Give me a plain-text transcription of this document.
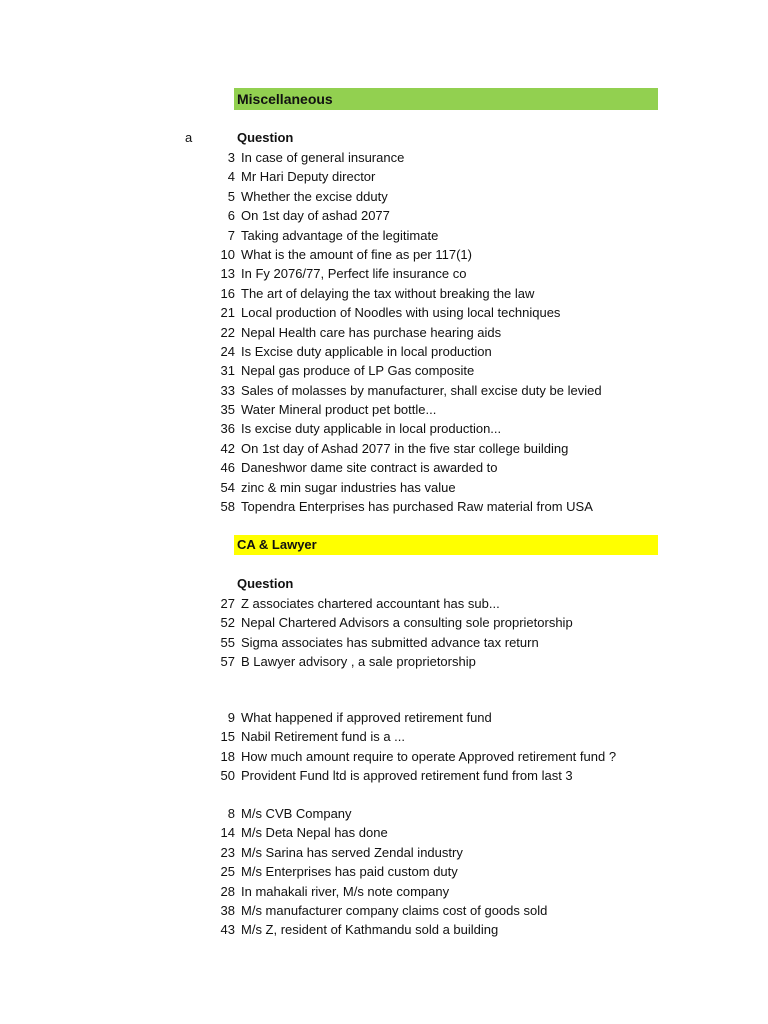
Miscellaneous
a	Question
3 In case of general insurance
4 Mr Hari Deputy director
5 Whether the excise dduty
6 On 1st day of ashad 2077
7 Taking advantage of the legitimate
10 What is the amount of fine as per 117(1)
13 In Fy 2076/77, Perfect life insurance co
16 The art of delaying the tax without breaking the law
21 Local production of Noodles with using local techniques
22 Nepal Health care has purchase hearing aids
24 Is Excise duty applicable in local production
31 Nepal gas produce of LP Gas composite
33 Sales of molasses by manufacturer, shall excise duty be levied
35 Water Mineral product pet bottle...
36 Is excise duty applicable in local production...
42 On 1st day of Ashad 2077 in the five star college building
46 Daneshwor dame site contract is awarded to
54 zinc & min sugar industries has value
58 Topendra Enterprises has purchased Raw material from USA
CA & Lawyer
Question
27 Z associates chartered accountant has sub...
52 Nepal Chartered Advisors a consulting sole proprietorship
55 Sigma associates has submitted advance tax return
57 B Lawyer advisory , a sale proprietorship
9 What happened if approved retirement fund
15 Nabil Retirement fund is a ...
18 How much amount require to operate Approved retirement fund ?
50 Provident Fund ltd is approved retirement fund from last 3
8 M/s CVB Company
14 M/s Deta Nepal has done
23 M/s Sarina has served Zendal industry
25 M/s Enterprises has paid custom duty
28 In mahakali river, M/s note company
38 M/s manufacturer company claims cost of goods sold
43 M/s Z, resident of Kathmandu sold a building
